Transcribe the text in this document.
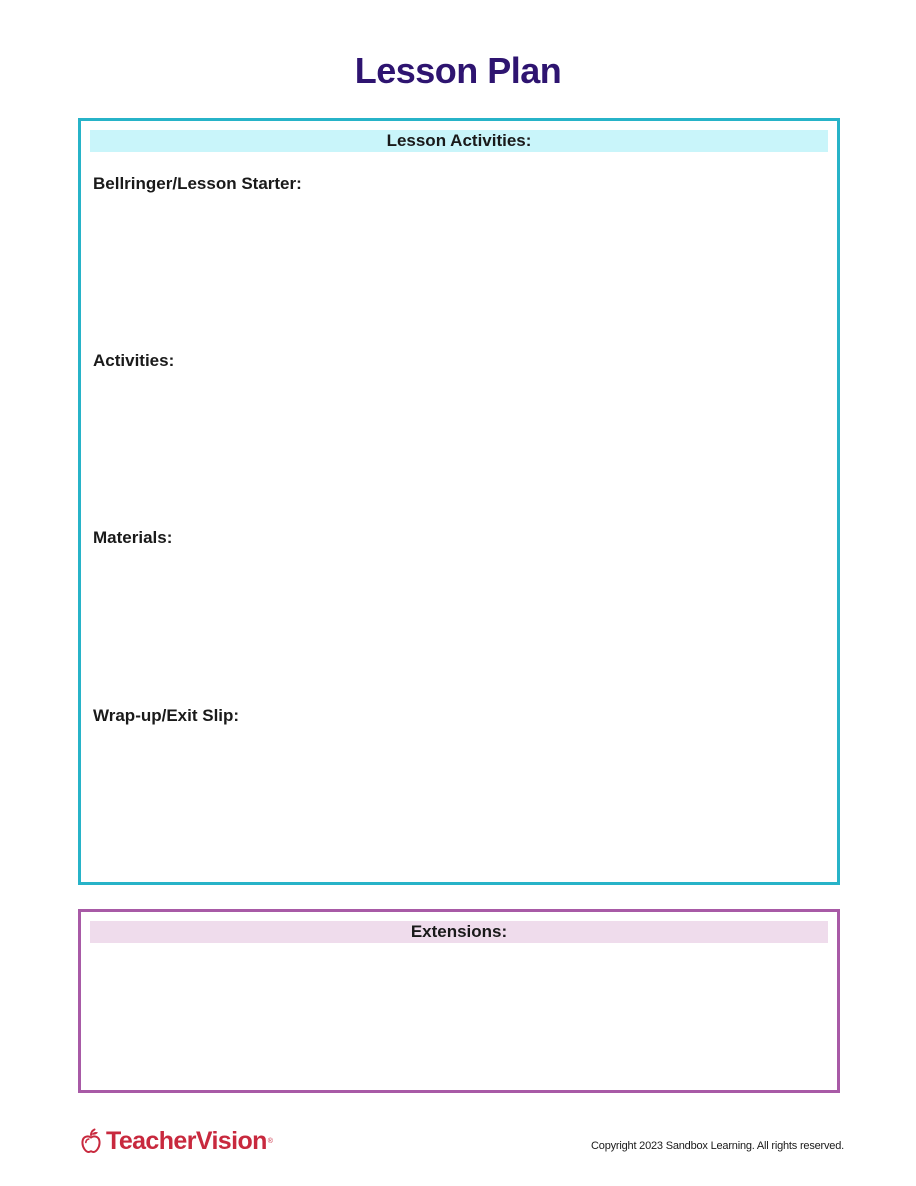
Lesson Plan
Lesson Activities:
Bellringer/Lesson Starter:
Activities:
Materials:
Wrap-up/Exit Slip:
Extensions:
TeacherVision ®	Copyright 2023 Sandbox Learning. All rights reserved.
